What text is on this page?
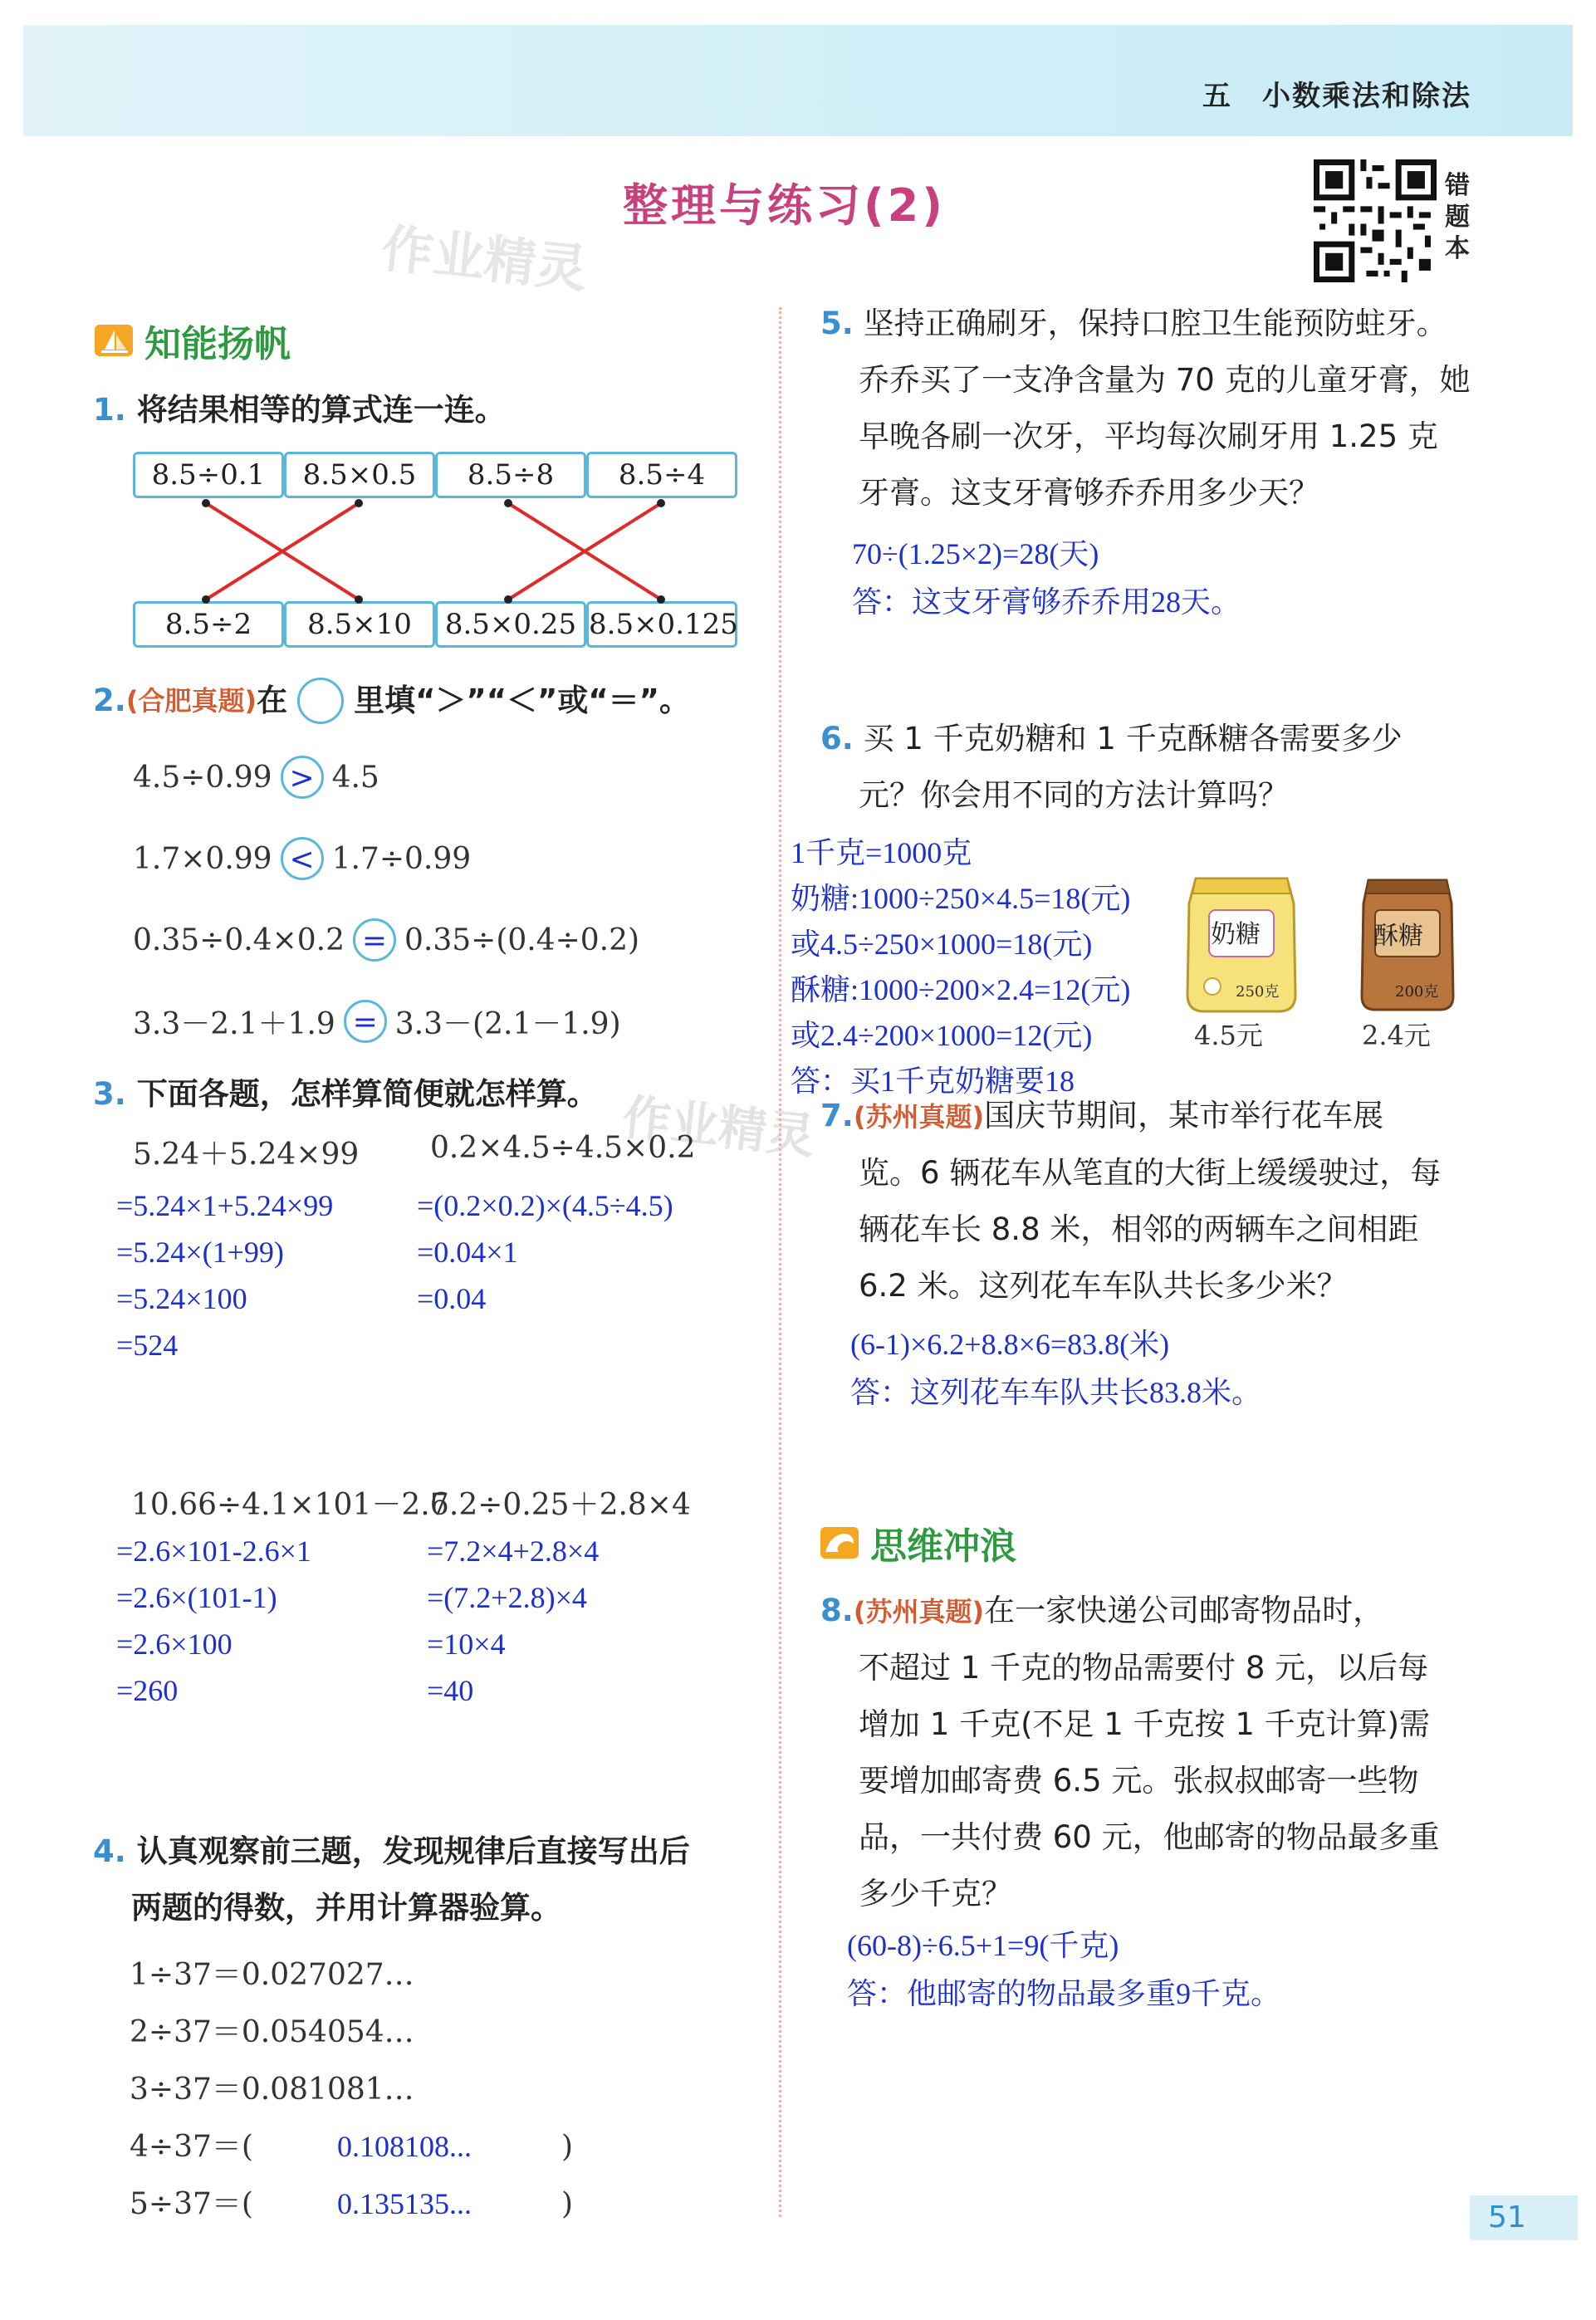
五　小数乘法和除法
整理与练习(2)
作业精灵
作业精灵
错
题
本
知能扬帆
1. 将结果相等的算式连一连。
8.5÷0.1	8.5×0.5	8.5÷8	8.5÷4
8.5÷2	8.5×10	8.5×0.25 8.5×0.125
2. (合肥真题) 在 里填“＞”“＜”或“＝”。
4.5÷0.99 > 4.5
1.7×0.99 < 1.7÷0.99
0.35÷0.4×0.2 = 0.35÷(0.4÷0.2)
3.3－2.1＋1.9 = 3.3－(2.1－1.9)
3. 下面各题，怎样算简便就怎样算。
5.24＋5.24×99 0.2×4.5÷4.5×0.2
=5.24×1+5.24×99
=5.24×(1+99)
=5.24×100
=524
=(0.2×0.2)×(4.5÷4.5)
=0.04×1
=0.04
10.66÷4.1×101－2.6
7.2÷0.25＋2.8×4
=2.6×101-2.6×1
=2.6×(101-1)
=2.6×100
=260
=7.2×4+2.8×4
=(7.2+2.8)×4
=10×4
=40
4. 认真观察前三题，发现规律后直接写出后
两题的得数，并用计算器验算。
1÷37＝0.027027…
2÷37＝0.054054…
3÷37＝0.081081…
4÷37＝(	0.108108...	)
5÷37＝(	0.135135...	)
5. 坚持正确刷牙，保持口腔卫生能预防蛀牙。
乔乔买了一支净含量为 70 克的儿童牙膏，她
早晚各刷一次牙，平均每次刷牙用 1.25 克
牙膏。这支牙膏够乔乔用多少天？
70÷(1.25×2)=28(天)
答：这支牙膏够乔乔用28天。
6. 买 1 千克奶糖和 1 千克酥糖各需要多少
元？你会用不同的方法计算吗？
1千克=1000克
奶糖:1000÷250×4.5=18(元)
或4.5÷250×1000=18(元)
酥糖:1000÷200×2.4=12(元)
或2.4÷200×1000=12(元)
答：买1千克奶糖要18
奶糖
250克
4.5元
酥糖
200克
2.4元
7.(苏州真题)国庆节期间，某市举行花车展
览。6 辆花车从笔直的大街上缓缓驶过，每
辆花车长 8.8 米，相邻的两辆车之间相距
6.2 米。这列花车车队共长多少米？
(6-1)×6.2+8.8×6=83.8(米)
答：这列花车车队共长83.8米。
思维冲浪
8.(苏州真题)在一家快递公司邮寄物品时，
不超过 1 千克的物品需要付 8 元，以后每
增加 1 千克(不足 1 千克按 1 千克计算)需
要增加邮寄费 6.5 元。张叔叔邮寄一些物
品，一共付费 60 元，他邮寄的物品最多重
多少千克？
(60-8)÷6.5+1=9(千克)
答：他邮寄的物品最多重9千克。
51
